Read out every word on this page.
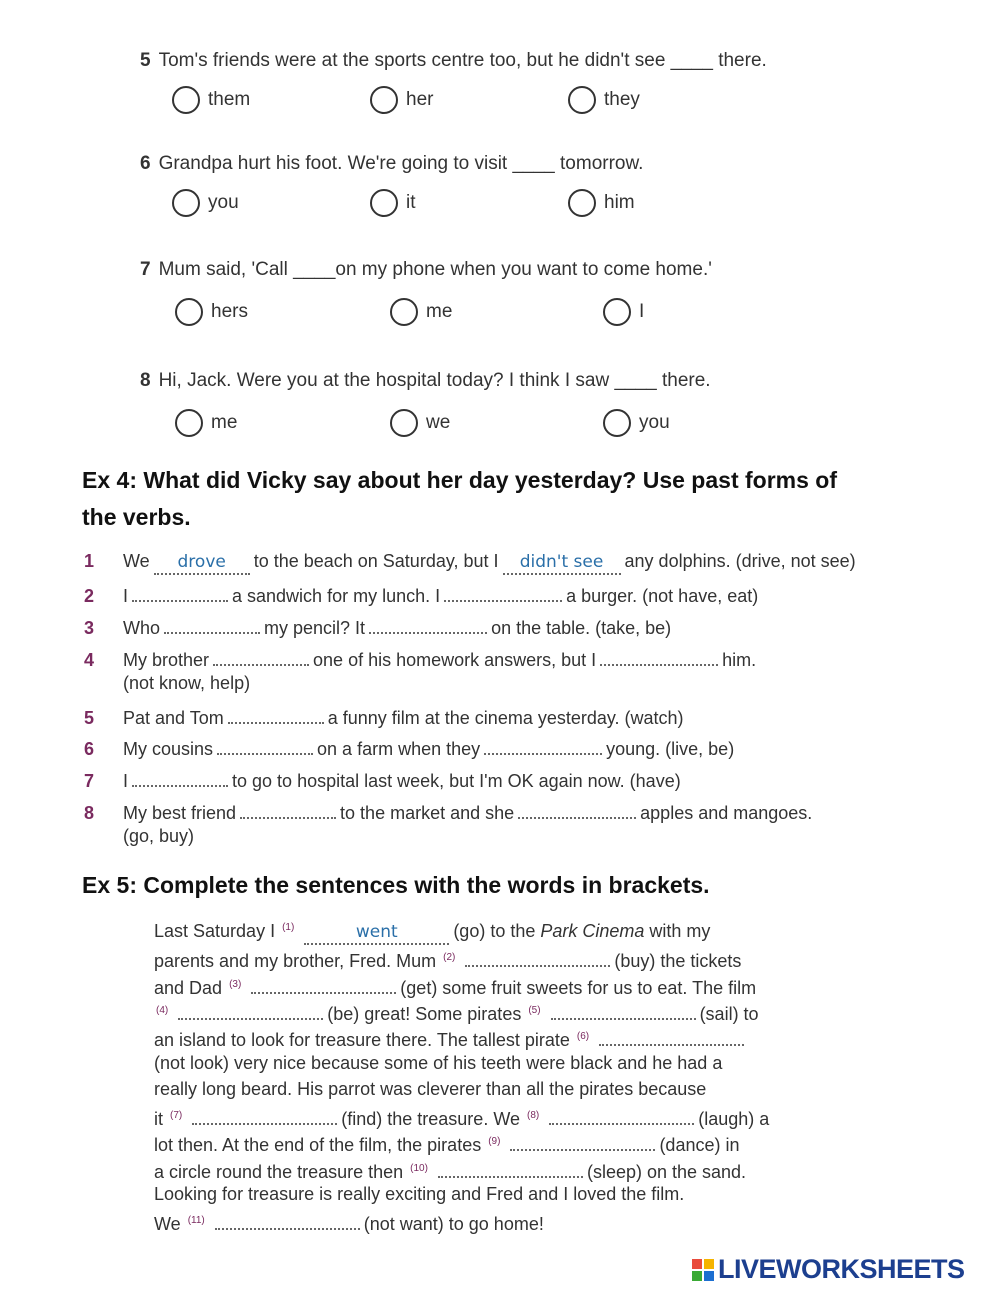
5 Tom's friends were at the sports centre too, but he didn't see ____ there.
them	her	they
6 Grandpa hurt his foot. We're going to visit ____ tomorrow.
you	it	him
7 Mum said, 'Call ____on my phone when you want to come home.'
hers	me	I
8 Hi, Jack. Were you at the hospital today? I think I saw ____ there.
me	we	you
Ex 4: What did Vicky say about her day yesterday? Use past forms of
the verbs.
1 We drove to the beach on Saturday, but I didn't see any dolphins. (drive, not see)
2 I	a sandwich for my lunch. I	a burger. (not have, eat)
3 Who	my pencil? It	on the table. (take, be)
4 My brother	one of his homework answers, but I	him.
(not know, help)
5 Pat and Tom	a funny film at the cinema yesterday. (watch)
6 My cousins	on a farm when they	young. (live, be)
7 I	to go to hospital last week, but I'm OK again now. (have)
8 My best friend	to the market and she	apples and mangoes.
(go, buy)
Ex 5: Complete the sentences with the words in brackets.
Last Saturday I $^{(1)}$	went	(go) to the Park Cinema with my
parents and my brother, Fred. Mum $^{(2)}$	(buy) the tickets
and Dad $^{(3)}$	(get) some fruit sweets for us to eat. The film
$^{(4)}$	(be) great! Some pirates $^{(5)}$	(sail) to
an island to look for treasure there. The tallest pirate $^{(6)}$
(not look) very nice because some of his teeth were black and he had a
really long beard. His parrot was cleverer than all the pirates because
it $^{(7)}$	(find) the treasure. We $^{(8)}$	(laugh) a
lot then. At the end of the film, the pirates $^{(9)}$	(dance) in
a circle round the treasure then $^{(10)}$	(sleep) on the sand.
Looking for treasure is really exciting and Fred and I loved the film.
We $^{(11)}$	(not want) to go home!
LIVEWORKSHEETS
